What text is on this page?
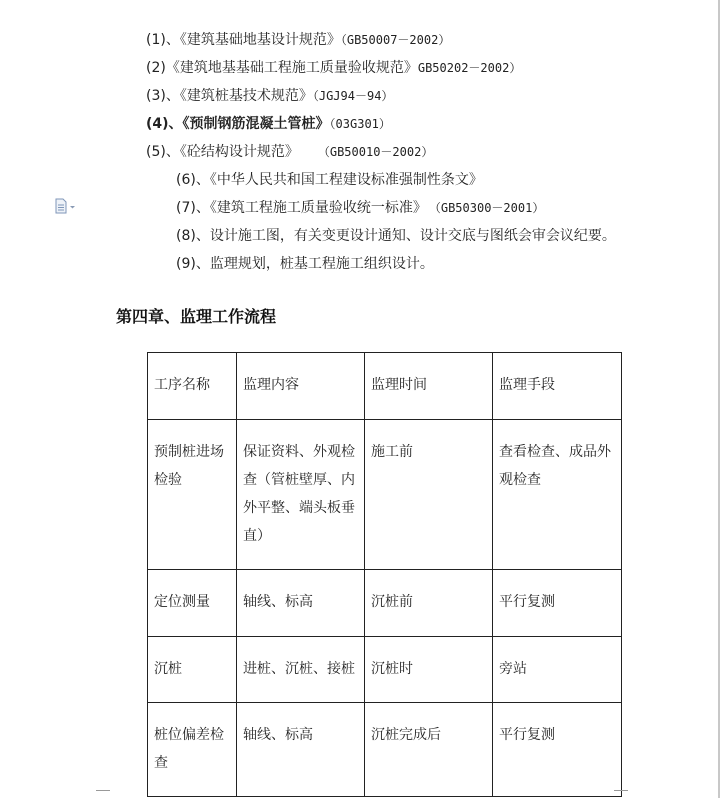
(1)、《建筑基础地基设计规范》（GB50007－2002）
(2)《建筑地基基础工程施工质量验收规范》GB50202－2002）
(3)、《建筑桩基技术规范》（JGJ94－94）
(4)、《预制钢筋混凝土管桩》（03G301）
(5)、《砼结构设计规范》　（GB50010－2002）
(6)、《中华人民共和国工程建设标准强制性条文》
(7)、《建筑工程施工质量验收统一标准》 （GB50300－2001）
(8)、设计施工图，有关变更设计通知、设计交底与图纸会审会议纪要。
(9)、监理规划，桩基工程施工组织设计。
第四章、监理工作流程
工序名称	监理内容	监理时间	监理手段
预制桩进场检验	保证资料、外观检查（管桩壁厚、内外平整、端头板垂直）	施工前	查看检查、成品外观检查
定位测量	轴线、标高	沉桩前	平行复测
沉桩	进桩、沉桩、接桩	沉桩时	旁站
桩位偏差检查	轴线、标高	沉桩完成后	平行复测
